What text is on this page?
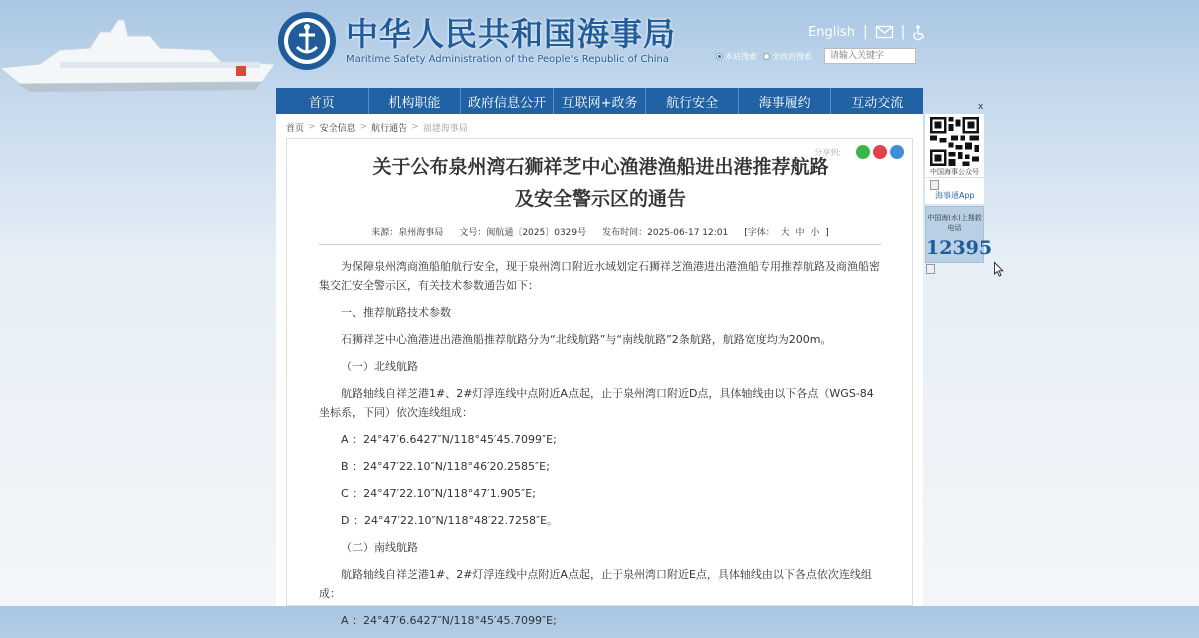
中华人民共和国海事局
Maritime Safety Administration of the People's Republic of China
English | |
本站搜索 全政府搜索
请输入关键字
首页	机构职能	政府信息公开	互联网+政务	航行安全	海事履约	互动交流
首页 > 安全信息 > 航行通告 > 福建海事局
分享到:
关于公布泉州湾石狮祥芝中心渔港渔船进出港推荐航路
及安全警示区的通告
来源：泉州海事局 文号：闽航通〔2025〕0329号 发布时间：2025-06-17 12:01 [字体： 大 中 小 ]

为保障泉州湾商渔船舶航行安全，现于泉州湾口附近水域划定石狮祥芝渔港进出港渔船专用推荐航路及商渔船密集交汇安全警示区，有关技术参数通告如下：

一、推荐航路技术参数

石狮祥芝中心渔港进出港渔船推荐航路分为“北线航路”与“南线航路”2条航路，航路宽度均为200m。

（一）北线航路

航路轴线自祥芝港1#、2#灯浮连线中点附近A点起，止于泉州湾口附近D点，具体轴线由以下各点（WGS-84坐标系，下同）依次连线组成：

A ：24°47′6.6427″N/118°45′45.7099″E;

B ：24°47′22.10″N/118°46′20.2585″E;

C ：24°47′22.10″N/118°47′1.905″E;

D ：24°47′22.10″N/118°48′22.7258″E。

（二）南线航路

航路轴线自祥芝港1#、2#灯浮连线中点附近A点起，止于泉州湾口附近E点，具体轴线由以下各点依次连线组成：

A ：24°47′6.6427″N/118°45′45.7099″E;

x
中国海事公众号
海事通App
中国海(水)上搜救电话
12395
